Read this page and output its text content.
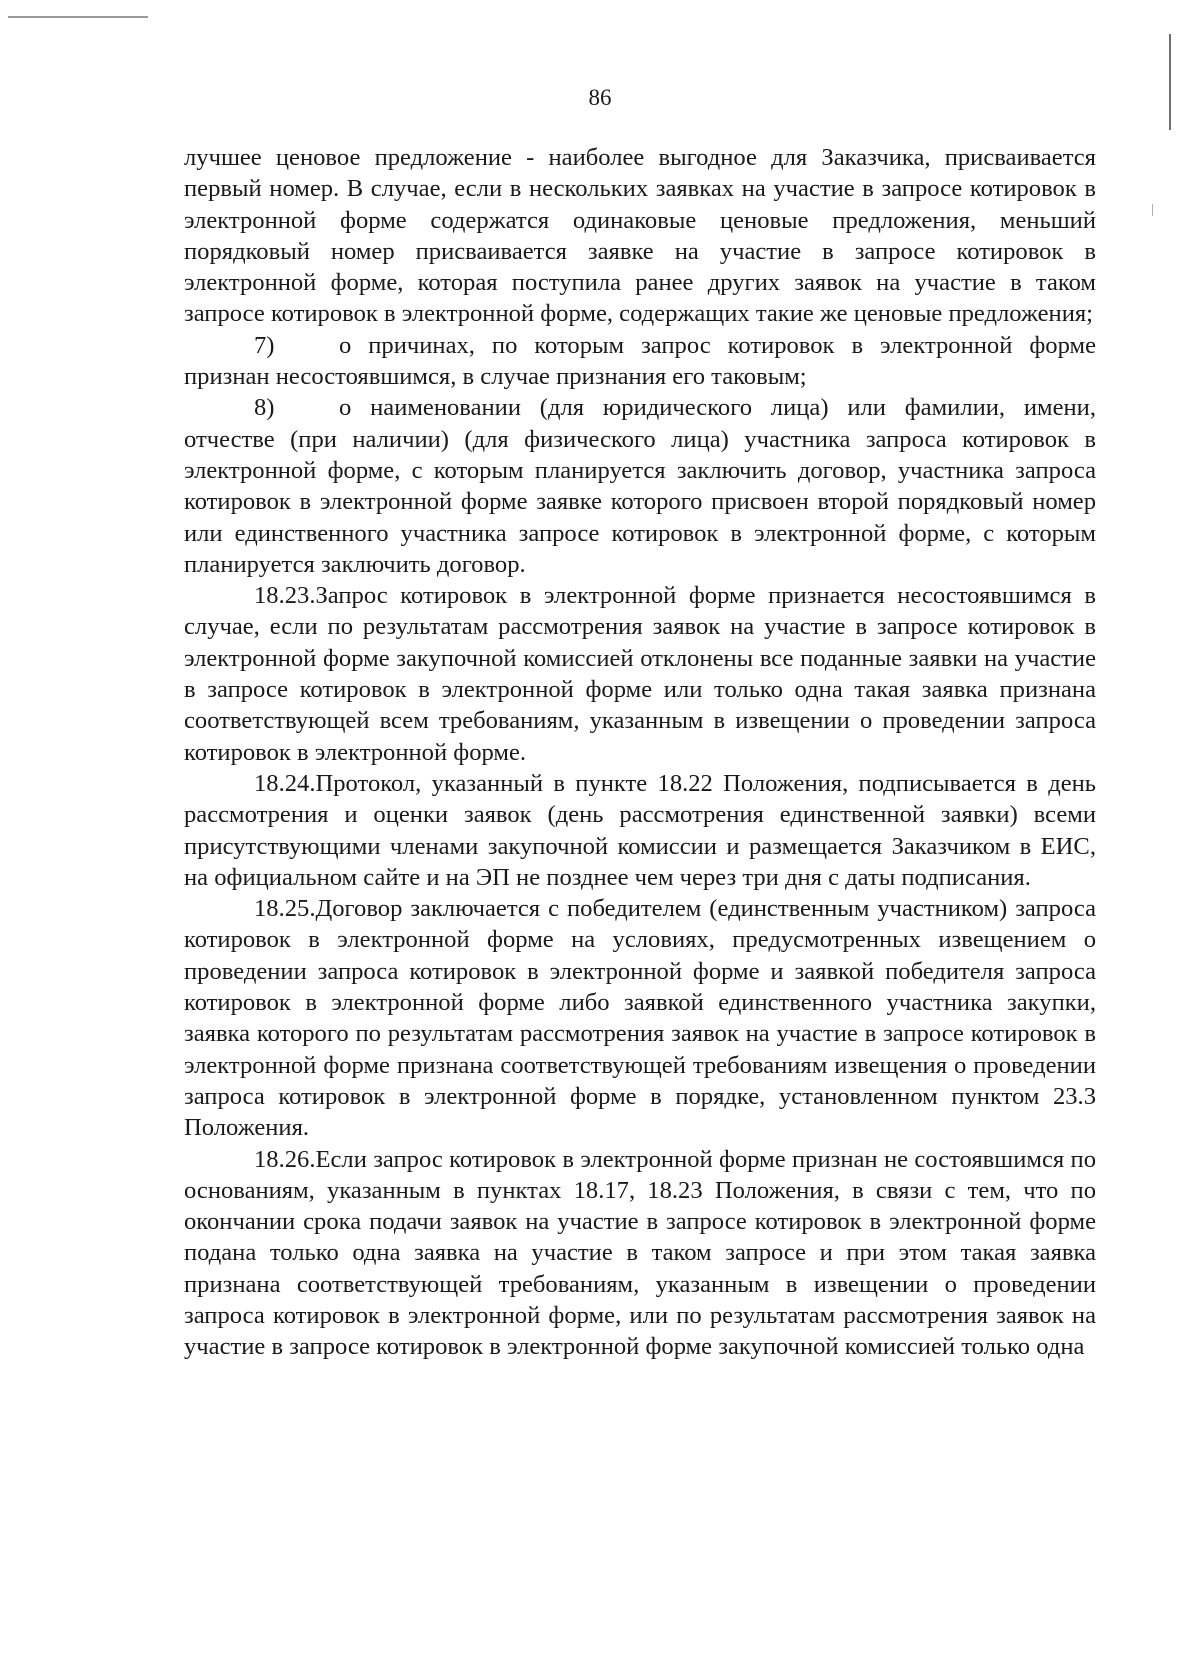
86

лучшее ценовое предложение - наиболее выгодное для Заказчика, присваивается первый номер. В случае, если в нескольких заявках на участие в запросе котировок в электронной форме содержатся одинаковые ценовые предложения, меньший порядковый номер присваивается заявке на участие в запросе котировок в электронной форме, которая поступила ранее других заявок на участие в таком запросе котировок в электронной форме, содержащих такие же ценовые предложения;

7)	о причинах, по которым запрос котировок в электронной форме признан несостоявшимся, в случае признания его таковым;

8)	о наименовании (для юридического лица) или фамилии, имени, отчестве (при наличии) (для физического лица) участника запроса котировок в электронной форме, с которым планируется заключить договор, участника запроса котировок в электронной форме заявке которого присвоен второй порядковый номер или единственного участника запросе котировок в электронной форме, с которым планируется заключить договор.

18.23.Запрос котировок в электронной форме признается несостоявшимся в случае, если по результатам рассмотрения заявок на участие в запросе котировок в электронной форме закупочной комиссией отклонены все поданные заявки на участие в запросе котировок в электронной форме или только одна такая заявка признана соответствующей всем требованиям, указанным в извещении о проведении запроса котировок в электронной форме.

18.24.Протокол, указанный в пункте 18.22 Положения, подписывается в день рассмотрения и оценки заявок (день рассмотрения единственной заявки) всеми присутствующими членами закупочной комиссии и размещается Заказчиком в ЕИС, на официальном сайте и на ЭП не позднее чем через три дня с даты подписания.

18.25.Договор заключается с победителем (единственным участником) запроса котировок в электронной форме на условиях, предусмотренных извещением о проведении запроса котировок в электронной форме и заявкой победителя запроса котировок в электронной форме либо заявкой единственного участника закупки, заявка которого по результатам рассмотрения заявок на участие в запросе котировок в электронной форме признана соответствующей требованиям извещения о проведении запроса котировок в электронной форме в порядке, установленном пунктом 23.3 Положения.

18.26.Если запрос котировок в электронной форме признан не состоявшимся по основаниям, указанным в пунктах 18.17, 18.23 Положения, в связи с тем, что по окончании срока подачи заявок на участие в запросе котировок в электронной форме подана только одна заявка на участие в таком запросе и при этом такая заявка признана соответствующей требованиям, указанным в извещении о проведении запроса котировок в электронной форме, или по результатам рассмотрения заявок на участие в запросе котировок в электронной форме закупочной комиссией только одна
